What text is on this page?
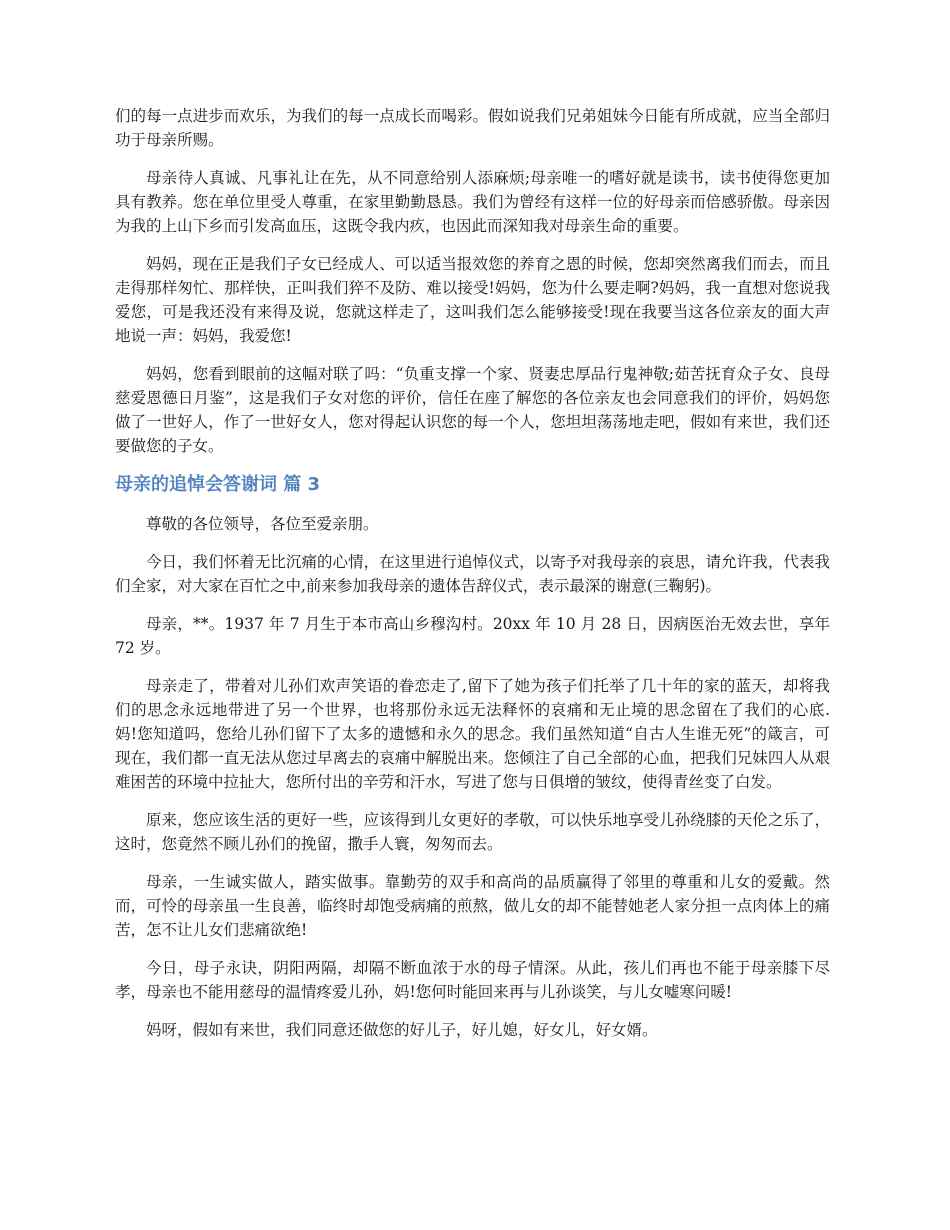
们的每一点进步而欢乐，为我们的每一点成长而喝彩。假如说我们兄弟姐妹今日能有所成就，应当全部归功于母亲所赐。

母亲待人真诚、凡事礼让在先，从不同意给别人添麻烦;母亲唯一的嗜好就是读书，读书使得您更加具有教养。您在单位里受人尊重，在家里勤勤恳恳。我们为曾经有这样一位的好母亲而倍感骄傲。母亲因为我的上山下乡而引发高血压，这既令我内疚，也因此而深知我对母亲生命的重要。

妈妈，现在正是我们子女已经成人、可以适当报效您的养育之恩的时候，您却突然离我们而去，而且走得那样匆忙、那样快，正叫我们猝不及防、难以接受!妈妈，您为什么要走啊?妈妈，我一直想对您说我爱您，可是我还没有来得及说，您就这样走了，这叫我们怎么能够接受!现在我要当这各位亲友的面大声地说一声：妈妈，我爱您!

妈妈，您看到眼前的这幅对联了吗：“负重支撑一个家、贤妻忠厚品行鬼神敬;茹苦抚育众子女、良母慈爱恩德日月鉴”，这是我们子女对您的评价，信任在座了解您的各位亲友也会同意我们的评价，妈妈您做了一世好人，作了一世好女人，您对得起认识您的每一个人，您坦坦荡荡地走吧，假如有来世，我们还要做您的子女。

母亲的追悼会答谢词 篇 3

尊敬的各位领导，各位至爱亲朋。

今日，我们怀着无比沉痛的心情，在这里进行追悼仪式，以寄予对我母亲的哀思，请允许我，代表我们全家，对大家在百忙之中,前来参加我母亲的遗体告辞仪式，表示最深的谢意(三鞠躬)。

母亲，**。1937 年 7 月生于本市高山乡穆沟村。20xx 年 10 月 28 日，因病医治无效去世，享年 72 岁。

母亲走了，带着对儿孙们欢声笑语的眷恋走了,留下了她为孩子们托举了几十年的家的蓝天，却将我们的思念永远地带进了另一个世界，也将那份永远无法释怀的哀痛和无止境的思念留在了我们的心底.　妈!您知道吗，您给儿孙们留下了太多的遗憾和永久的思念。我们虽然知道“自古人生谁无死”的箴言，可现在，我们都一直无法从您过早离去的哀痛中解脱出来。您倾注了自己全部的心血，把我们兄妹四人从艰难困苦的环境中拉扯大，您所付出的辛劳和汗水，写进了您与日俱增的皱纹，使得青丝变了白发。

原来，您应该生活的更好一些，应该得到儿女更好的孝敬，可以快乐地享受儿孙绕膝的天伦之乐了，这时，您竟然不顾儿孙们的挽留，撒手人寰，匆匆而去。

母亲，一生诚实做人，踏实做事。靠勤劳的双手和高尚的品质赢得了邻里的尊重和儿女的爱戴。然而，可怜的母亲虽一生良善，临终时却饱受病痛的煎熬，做儿女的却不能替她老人家分担一点肉体上的痛苦，怎不让儿女们悲痛欲绝!

今日，母子永诀，阴阳两隔，却隔不断血浓于水的母子情深。从此，孩儿们再也不能于母亲膝下尽孝，母亲也不能用慈母的温情疼爱儿孙，妈!您何时能回来再与儿孙谈笑，与儿女嘘寒问暖!

妈呀，假如有来世，我们同意还做您的好儿子，好儿媳，好女儿，好女婿。
